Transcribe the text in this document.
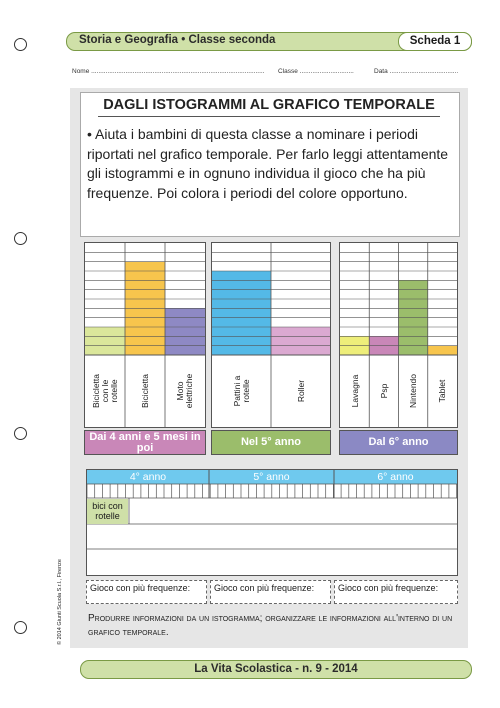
Storia e Geografia • Classe seconda	Scheda 1
Nome ................................................................................................ Classe ..............................	Data ......................................
DAGLI ISTOGRAMMI AL GRAFICO TEMPORALE
• Aiuta i bambini di questa classe a nominare i periodi riportati nel grafico temporale. Per farlo leggi attentamente gli istogrammi e in ognuno individua il gioco che ha più frequenze. Poi colora i periodi del colore opportuno.
Bicicletta con le rotelle Bicicletta	Moto elettriche	Pattini a rotelle	Roller	Lavagna Psp Nintendo Tablet
Dai 4 anni e 5 mesi in poi	Nel 5° anno	Dal 6° anno
4° anno	5° anno	6° anno
bici con rotelle
Gioco con più frequenze:	Gioco con più frequenze:	Gioco con più frequenze:
Produrre informazioni da un istogramma; organizzare le informazioni all'interno di un grafico temporale.
© 2014 Giunti Scuola S.r.l., Firenze
La Vita Scolastica - n. 9 - 2014
